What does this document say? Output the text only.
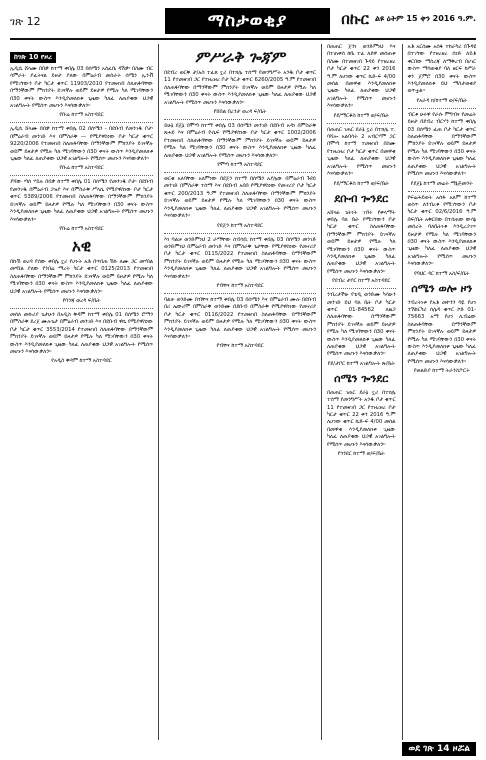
ገጽ 12	ማስታወቂያ	በኩር ልዩ ዕትም 15 ቀን 2016 ዓ.ም.
ከገጽ 10 የዞረ

ኢዲሲ ሸላሙ በበቃ ከተማ ቀበሌ 03 በሰሜን አስፈቤ ዳሽቃ፡ በስሙ ብር ሳምራት ያፈትናል ይዞታ ያለው በምዕራብ መስራት ሰሜን ኢንቭ የሚገኘውን ቦታ ካርታ ቁጥር 11903/2010 የተመዘገበ ስለጠፋባቸው በማንኛውም ምክንያት ይገናኛሉ ወይም ይዞታዎ የሚሉ ካለ ሚገባቸውን በ30 ቀናት ውስጥ እንዲያመለክቱ ጊዜው ካለፈ ለጠያቂው ህጋዊ አገልግሎት የሚሰጥ መሆኑን እናሳውቃለን።

የቡሬ ከተማ አስተዳደር

ኢዲሲ ሸላሙ በበቃ ከተማ ቀበሌ 02 በሰሜን - በደቡብ የመንገዱ ቦታ፡ በምዕራብ መንገድ እና በምስራቅ — የሚያዋስነው ቦታ ካርታ ቁጥር 9220/2006 የተመዘገበ ስለጠፋባቸው በማንኛውም ምክንያት ይገናኛሉ ወይም ይዞታዎ የሚሉ ካለ ሚገባቸውን በ30 ቀናት ውስጥ እንዲያመለክቱ ጊዜው ካለፈ ለጠያቂው ህጋዊ አገልግሎት የሚሰጥ መሆኑን እናሳውቃለን።

የቡሬ ከተማ አስተዳደር

ያሻው ጣሰ ሃይሉ በበቃ ከተማ ቀበሌ 01 በሰሜን የመንገዱ ቦታ፡ በደቡብ የመንገዱ በምዕራብ ጋዝያ እና በምስራቅ ሥላሴ የሚያዋስነው ቦታ ካርታ ቁጥር 5389/2006 የተመዘገበ ስለጠፋባቸው በማንኛውም ምክንያት ይገናኛሉ ወይም ይዞታዎ የሚሉ ካለ ሚገባቸውን በ30 ቀናት ውስጥ እንዲያመለክቱ ጊዜው ካለፈ ለጠያቂው ህጋዊ አገልግሎት የሚሰጥ መሆኑን እናሳውቃለን።

የቡሬ ከተማ አስተዳደር
አዊ

በኩሽ ወረዳ የሰው ቀበሌ ኗሪ የሆኑት አቶ በጥበጠ ሽኩ ለሙ ጋር መሃበል መሃበል ያለው የንበሬ ማረት ካርታ ቁጥር 0125/2013 የተመዘገበ ስለጠፋባቸው በማንኛውም ምክንያት ይገናኛሉ ወይም ይዞታዎ የሚሉ ካለ ሚገባቸውን በ30 ቀናት ውስጥ እንዲያመለክቱ ጊዜው ካለፈ ለጠያቂው ህጋዊ አገልግሎት የሚሰጥ መሆኑን እናሳውቃለን።

የባንጃ ወረዳ ፍ/ቤት

መሰለ መኩሪያ ጌታሁን በአዲስ ቅዳም ከተማ ቀበሌ 01 በሰሜን ሮማን በምስራቅ ደረጀ ሙሉጌታ በምዕራብ መንገድ እና በደቡብ ዋሴ የሚያዋስነው ቦታ ካርታ ቁጥር 3553/2014 የተመዘገበ ስለጠፋባቸው በማንኛውም ምክንያት ይገናኛሉ ወይም ይዞታዎ የሚሉ ካለ ሚገባቸውን በ30 ቀናት ውስጥ እንዲያመለክቱ ጊዜው ካለፈ ለጠያቂው ህጋዊ አገልግሎት የሚሰጥ መሆኑን እናሳውቃለን።

የአዲስ ቅዳም ከተማ አስተዳደር
ምሥራቅ ጐጃም

በደብረ ወርቅ ታ/አስ ተፈጸ ኗሪ በተክሌ ተሰማ የመንግሥት አንዱ ቦታ ቁጥር 11 የተመዘገበ ጋር የተዘረዘረ ቦታ ካርታ ቁጥር 6260/2005 ዓ.ም የተመዘገበ ስለጠፋባቸው በማንኛውም ምክንያት ይገናኛሉ ወይም ይዞታዎ የሚሉ ካለ ሚገባቸውን በ30 ቀናት ውስጥ እንዲያመለክቱ ጊዜው ካለፈ ለጠያቂው ህጋዊ አገልግሎት የሚሰጥ መሆኑን እናሳውቃለን።

የሸበል በረንታ ወረዳ ፍ/ቤት

ይሁኔ ደጀኔ በሞጣ ከተማ ቀበሌ 03 በሰሜን መንገድ በደቡብ አዳነ በምስራቅ ጸሐይ እና በምዕራብ ዮሴፍ የሚያዋስነው ቦታ ካርታ ቁጥር 1002/2006 የተመዘገበ ስለጠፋባቸው በማንኛውም ምክንያት ይገናኛሉ ወይም ይዞታዎ የሚሉ ካለ ሚገባቸውን በ30 ቀናት ውስጥ እንዲያመለክቱ ጊዜው ካለፈ ለጠያቂው ህጋዊ አገልግሎት የሚሰጥ መሆኑን እናሳውቃለን።

የሞጣ ከተማ አስተዳደር

ወርቁ አለባቸው አለምነው በደጀን ከተማ በሰሜን አያሌው በምዕራብ ጉደይ መንገድ በምስራቅ ተሰማ እና በደቡብ አበበ የሚያዋስነው የመኖሪያ ቦታ ካርታ ቁጥር 200/2013 ዓ.ም የተመዘገበ ስለጠፋባቸው በማንኛውም ምክንያት ይገናኛሉ ወይም ይዞታዎ የሚሉ ካለ ሚገባቸውን በ30 ቀናት ውስጥ እንዲያመለክቱ ጊዜው ካለፈ ለጠያቂው ህጋዊ አገልግሎት የሚሰጥ መሆኑን እናሳውቃለን።

የደጀን ከተማ አስተዳደር

እነ ባልቻ ወንድምነህ 2 ራማቸው ሰብሳቢ ከተማ ቀበሌ 03 በሰሜን መንገድ ወንድምነህ በምዕራብ መንገድ እና በምስራቅ ጌታቸው የሚያዋስነው የመኖሪያ ቦታ ካርታ ቁጥር 0115/2022 የተመዘገበ ስለጠፋባቸው በማንኛውም ምክንያት ይገናኛሉ ወይም ይዞታዎ የሚሉ ካለ ሚገባቸውን በ30 ቀናት ውስጥ እንዲያመለክቱ ጊዜው ካለፈ ለጠያቂው ህጋዊ አገልግሎት የሚሰጥ መሆኑን እናሳውቃለን።

የብቸና ከተማ አስተዳደር

ባልቻ ወንድሙ በብቸና ከተማ ቀበሌ 03 በሰሜን እና በምዕራብ ሙሉ በደቡብ በሪ ኤውሪሞ በምስራቅ ወንድሙ በደቡብ በምስራቅ የሚያዋስነው የመኖሪያ ቦታ ካርታ ቁጥር 0116/2022 የተመዘገበ ስለጠፋባቸው በማንኛውም ምክንያት ይገናኛሉ ወይም ይዞታዎ የሚሉ ካለ ሚገባቸውን በ30 ቀናት ውስጥ እንዲያመለክቱ ጊዜው ካለፈ ለጠያቂው ህጋዊ አገልግሎት የሚሰጥ መሆኑን እናሳውቃለን።

የብቸና ከተማ አስተዳደር

በጠጠር ጀንነ ወንድምነህ እና በተጠቀሰ ከቤ ተፈ ለደዋ መሰጠቱ በስሙ በተመዘገበ ጉዳይ የተዘረዘረ ቦታ ካርታ ቁጥር 22 ቀን 2016 ዓ.ም ለሆነው ቁጥር ኬድ-ፍ 4/00 መሰል በመዋቂ እንዲያመለክቱ ጊዜው ካለፈ ለጠያቂው ህጋዊ አገልግሎት የሚሰጥ መሆኑን እናሳውቃለን።

የደ/ማርቆስ ከተማ ወ/ፍ/ቤት

በጠጠር ገጠር ደራኔ ኗሪ በተክሌ ተ. ባሻሎ አልባሳት 2 አብርሃም ጋር በሞጣ ከተማ ተመዘገበ በስሙ የተዘረዘረ ቦታ ካርታ ቁጥር በመዋቂ ጊዜው ካለፈ ለጠያቂው ህጋዊ አገልግሎት የሚሰጥ መሆኑን እናሳውቃለን።

የደ/ማርቆስ ከተማ ወ/ፍ/ቤት
ደቡብ ጐንደር

አሸናፊ ጌትነት ገብሩ የቀላማት ቀበሌ ባለ ቤት የሚገኘውን ቦታ ካርታ ቁጥር ስለጠፋባቸው በማንኛውም ምክንያት ይገናኛሉ ወይም ይዞታዎ የሚሉ ካለ ሚገባቸውን በ30 ቀናት ውስጥ እንዲያመለክቱ ጊዜው ካለፈ ለጠያቂው ህጋዊ አገልግሎት የሚሰጥ መሆኑን እናሳውቃለን።

የደብረ ታቦር ከተማ አስተዳደር

ንብረታችሁ የቴዲ ወንድሙ ካሳሁን መንገድ ይህ ባለ ቤት ቦታ ካርታ ቁጥር 01-84562 ለዜጋ ስለጠፋባቸው በማንኛውም ምክንያት ይገናኛሉ ወይም ይዞታዎ የሚሉ ካለ ሚገባቸውን በ30 ቀናት ውስጥ እንዲያመለክቱ ጊዜው ካለፈ ለጠያቂው ህጋዊ አገልግሎት የሚሰጥ መሆኑን እናሳውቃለን።

የደ/ታቦር ከተማ አገልግሎት ጽ/ቤት
ሰሜን ጐንደር

በጠጠር ገጠር ደራኔ ኗሪ በተክሌ ተሰማ የመንግሥት አንዱ ቦታ ቁጥር 11 የተመዘገበ ጋር የተዘረዘረ ቦታ ካርታ ቁጥር 22 ቀን 2016 ዓ.ም ለሆነው ቁጥር ኬድ-ፍ 4/00 መሰል በመዋቂ እንዲያመለክቱ ጊዜው ካለፈ ለጠያቂው ህጋዊ አገልግሎት የሚሰጥ መሆኑን እናሳውቃለን።

የጎንደር ከተማ ወ/ፍ/ቤት

አቶ አርሰሙ አሰፋ ተከራካሪ በጉዳዩ በተገኘው የተዘረዘረ ሰነድ ለይቶ ቀርበው ማስረጃ ለማቅረብ በሀገር ውስጥ ማሳወቂያ ባለ ዘርፍ ከሥራ ቀን ጀምሮ በ30 ቀናት ውስጥ እንዲያመለክቱ ይህ ማስታወቂያ ወጥቷል።

የአራዳ ክ/ከተማ ወ/ፍ/ቤት

ብርቱ ሁሩዋ የራሱ ምግብና የመሬት ይዞታ በደብረ ብርሃን ከተማ ቀበሌ 03 በሰሜን ፈጠ ቦታ ካርታ ቁጥር ስለጠፋባቸው በማንኛውም ምክንያት ይገናኛሉ ወይም ይዞታዎ የሚሉ ካለ ሚገባቸውን በ30 ቀናት ውስጥ እንዲያመለክቱ ጊዜው ካለፈ ለጠያቂው ህጋዊ አገልግሎት የሚሰጥ መሆኑን እናሳውቃለን።

የደጀኔ ከተማ መሬት ማኔጅመንት

የፍሬሕይወት አሰፋ አለም ከተማ ወስጥ ለንብረቱ የሚገኘውን ቦታ ካርታ ቁጥር 02/6/2016 ዓ.ም በፍ/ቤት አቅርበው በተሰጠው ውሳኔ መሰረት ባለቤትነቱ እንዲረጋገጥ ይዞታዎ የሚሉ ካለ ሚገባቸውን በ30 ቀናት ውስጥ እንዲያመለክቱ ጊዜው ካለፈ ለጠያቂው ህጋዊ አገልግሎት የሚሰጥ መሆኑን እናሳውቃለን።

የባህር ዳር ከተማ አስ/ፍ/ቤት
ሰሜን ወሎ ዞን

ንብረትነቱ የአቶ መኮንን ባዬ የሆነ ተሽከርካሪ ሰሌዳ ቁጥር ኮድ 01-75663 አማ የሆነ ሊብሬው ስለጠፋባቸው በማንኛውም ምክንያት ይገናኛሉ ወይም ይዞታዎ የሚሉ ካለ ሚገባቸውን በ30 ቀናት ውስጥ እንዲያመለክቱ ጊዜው ካለፈ ለጠያቂው ህጋዊ አገልግሎት የሚሰጥ መሆኑን እናሳውቃለን።

የወልድያ ከተማ ትራንስፖርት
ወደ ገጽ 14 ዞሯል
